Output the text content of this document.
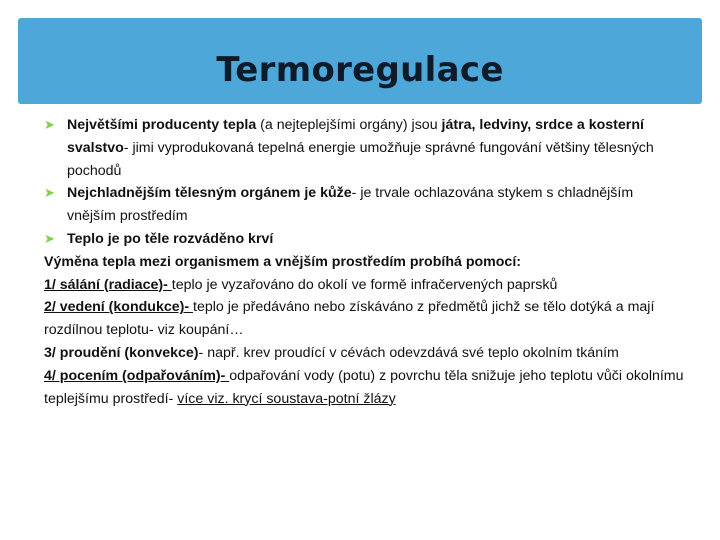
Termoregulace
➤ Největšími producenty tepla (a nejteplejšími orgány) jsou játra, ledviny, srdce a kosterní svalstvo- jimi vyprodukovaná tepelná energie umožňuje správné fungování většiny tělesných pochodů
➤ Nejchladnějším tělesným orgánem je kůže- je trvale ochlazována stykem s chladnějším vnějším prostředím
➤ Teplo je po těle rozváděno krví

Výměna tepla mezi organismem a vnějším prostředím probíhá pomocí:

1/ sálání (radiace)- teplo je vyzařováno do okolí ve formě infračervených paprsků

2/ vedení (kondukce)- teplo je předáváno nebo získáváno z předmětů jichž se tělo dotýká a mají rozdílnou teplotu- viz koupání…

3/ proudění (konvekce)- např. krev proudící v cévách odevzdává své teplo okolním tkáním

4/ pocením (odpařováním)- odpařování vody (potu) z povrchu těla snižuje jeho teplotu vůči okolnímu teplejšímu prostředí- více viz. krycí soustava-potní žlázy
